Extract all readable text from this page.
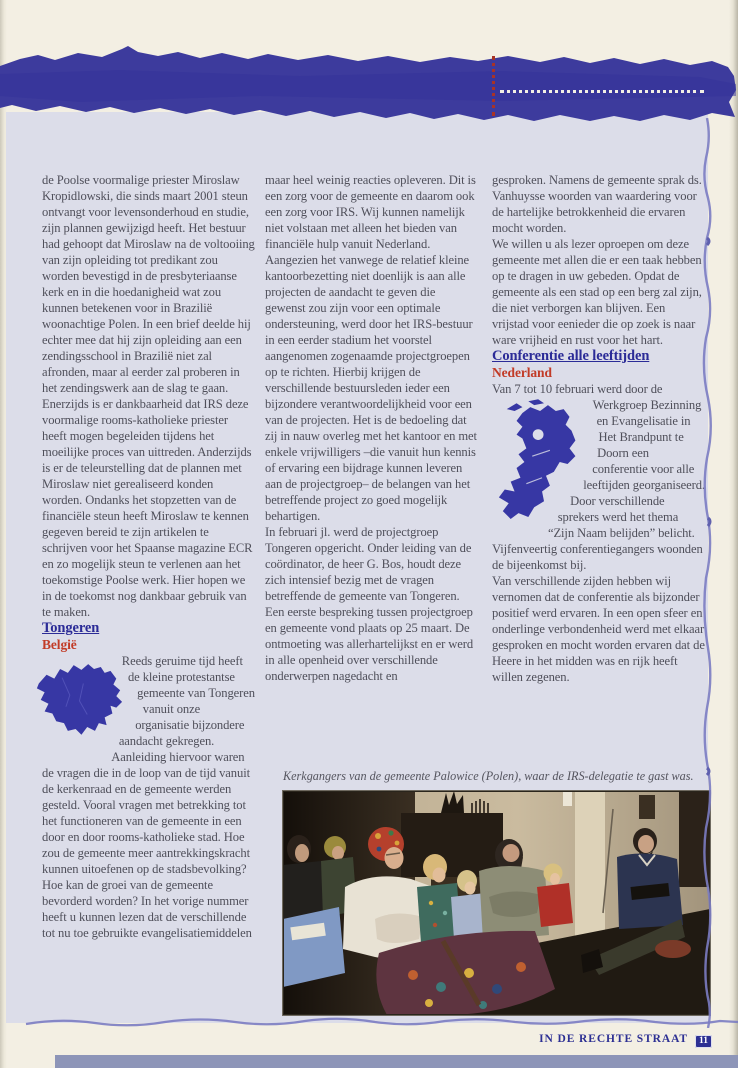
de Poolse voormalige priester Miroslaw Kropidlowski, die sinds maart 2001 steun ontvangt voor levensonderhoud en studie, zijn plannen gewijzigd heeft. Het bestuur had gehoopt dat Miroslaw na de voltooiing van zijn opleiding tot predikant zou worden bevestigd in de presbyteriaanse kerk en in die hoedanigheid wat zou kunnen betekenen voor in Brazilië woonachtige Polen. In een brief deelde hij echter mee dat hij zijn opleiding aan een zendingsschool in Brazilië niet zal afronden, maar al eerder zal proberen in het zendingswerk aan de slag te gaan. Enerzijds is er dankbaarheid dat IRS deze voormalige rooms-katholieke priester heeft mogen begeleiden tijdens het moeilijke proces van uittreden. Anderzijds is er de teleurstelling dat de plannen met Miroslaw niet gerealiseerd konden worden. Ondanks het stopzetten van de financiële steun heeft Miroslaw te kennen gegeven bereid te zijn artikelen te schrijven voor het Spaanse magazine ECR en zo mogelijk steun te verlenen aan het toekomstige Poolse werk. Hier hopen we in de toekomst nog dankbaar gebruik van te maken.

Tongeren
België

Reeds geruime tijd heeft de kleine protestantse gemeente van Tongeren vanuit onze organisatie bijzondere aandacht gekregen. Aanleiding hiervoor waren de vragen die in de loop van de tijd vanuit de kerkenraad en de gemeente werden gesteld. Vooral vragen met betrekking tot het functioneren van de gemeente in een door en door rooms-katholieke stad. Hoe zou de gemeente meer aantrekkingskracht kunnen uitoefenen op de stadsbevolking? Hoe kan de groei van de gemeente bevorderd worden? In het vorige nummer heeft u kunnen lezen dat de verschillende tot nu toe gebruikte evangelisatiemiddelen

maar heel weinig reacties opleveren. Dit is een zorg voor de gemeente en daarom ook een zorg voor IRS. Wij kunnen namelijk niet volstaan met alleen het bieden van financiële hulp vanuit Nederland.

Aangezien het vanwege de relatief kleine kantoorbezetting niet doenlijk is aan alle projecten de aandacht te geven die gewenst zou zijn voor een optimale ondersteuning, werd door het IRS-bestuur in een eerder stadium het voorstel aangenomen zogenaamde projectgroepen op te richten. Hierbij krijgen de verschillende bestuursleden ieder een bijzondere verantwoordelijkheid voor een van de projecten. Het is de bedoeling dat zij in nauw overleg met het kantoor en met enkele vrijwilligers –die vanuit hun kennis of ervaring een bijdrage kunnen leveren aan de projectgroep– de belangen van het betreffende project zo goed mogelijk behartigen.

In februari jl. werd de projectgroep Tongeren opgericht. Onder leiding van de coördinator, de heer G. Bos, houdt deze zich intensief bezig met de vragen betreffende de gemeente van Tongeren. Een eerste bespreking tussen projectgroep en gemeente vond plaats op 25 maart. De ontmoeting was allerhartelijkst en er werd in alle openheid over verschillende onderwerpen nagedacht en

gesproken. Namens de gemeente sprak ds. Vanhuysse woorden van waardering voor de hartelijke betrokkenheid die ervaren mocht worden.

We willen u als lezer oproepen om deze gemeente met allen die er een taak hebben op te dragen in uw gebeden. Opdat de gemeente als een stad op een berg zal zijn, die niet verborgen kan blijven. Een vrijstad voor eenieder die op zoek is naar ware vrijheid en rust voor het hart.

Conferentie alle leeftijden
Nederland

Van 7 tot 10 februari werd door de

Werkgroep Bezinning en Evangelisatie in Het Brandpunt te Doorn een conferentie voor alle leeftijden georganiseerd. Door verschillende sprekers werd het thema “Zijn Naam belijden” belicht. Vijfenveertig conferentiegangers woonden de bijeenkomst bij.

Van verschillende zijden hebben wij vernomen dat de conferentie als bijzonder positief werd ervaren. In een open sfeer en onderlinge verbondenheid werd met elkaar gesproken en mocht worden ervaren dat de Heere in het midden was en rijk heeft willen zegenen.

Kerkgangers van de gemeente Palowice (Polen), waar de IRS-delegatie te gast was.
IN DE RECHTE STRAAT 11
